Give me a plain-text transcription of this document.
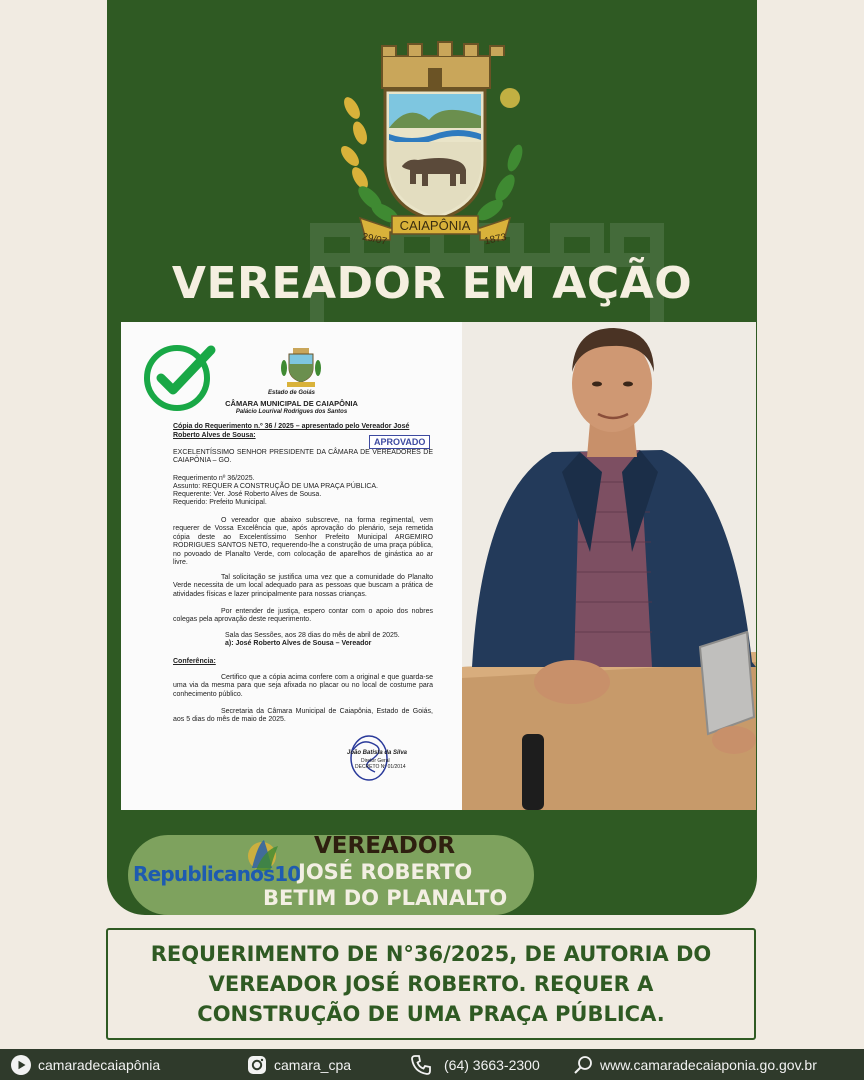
CAIAPÔNIA
29/07	1873
VEREADOR EM AÇÃO
Estado de Goiás
CÂMARA MUNICIPAL DE CAIAPÔNIA
Palácio Lourival Rodrigues dos Santos
Cópia do Requerimento n.º 36 / 2025 – apresentado pelo Vereador José
Roberto Alves de Sousa:
APROVADO
EXCELENTÍSSIMO SENHOR PRESIDENTE DA CÂMARA DE VEREADORES DE CAIAPÔNIA – GO.
Requerimento nº 36/2025.
Assunto: REQUER A CONSTRUÇÃO DE UMA PRAÇA PÚBLICA.
Requerente: Ver. José Roberto Alves de Sousa.
Requerido: Prefeito Municipal.
O vereador que abaixo subscreve, na forma regimental, vem requerer de Vossa Excelência que, após aprovação do plenário, seja remetida cópia deste ao Excelentíssimo Senhor Prefeito Municipal ARGEMIRO RODRIGUES SANTOS NETO, requerendo-lhe a construção de uma praça pública, no povoado de Planalto Verde, com colocação de aparelhos de ginástica ao ar livre.
Tal solicitação se justifica uma vez que a comunidade do Planalto Verde necessita de um local adequado para as pessoas que buscam a prática de atividades físicas e lazer principalmente para nossas crianças.
Por entender de justiça, espero contar com o apoio dos nobres colegas pela aprovação deste requerimento.
Sala das Sessões, aos 28 dias do mês de abril de 2025.
a): José Roberto Alves de Sousa – Vereador
Conferência:
Certifico que a cópia acima confere com a original e que guarda-se uma via da mesma para que seja afixada no placar ou no local de costume para conhecimento público.
Secretaria da Câmara Municipal de Caiapônia, Estado de Goiás, aos 5 dias do mês de maio de 2025.
João Batista da Silva
Diretor Geral
DECRETO Nº 01/2014
Republicanos10
VEREADOR
JOSÉ ROBERTO
BETIM DO PLANALTO
REQUERIMENTO DE N°36/2025, DE AUTORIA DO VEREADOR JOSÉ ROBERTO. REQUER A CONSTRUÇÃO DE UMA PRAÇA PÚBLICA.
camaradecaiapônia	camara_cpa	(64) 3663-2300	www.camaradecaiaponia.go.gov.br
